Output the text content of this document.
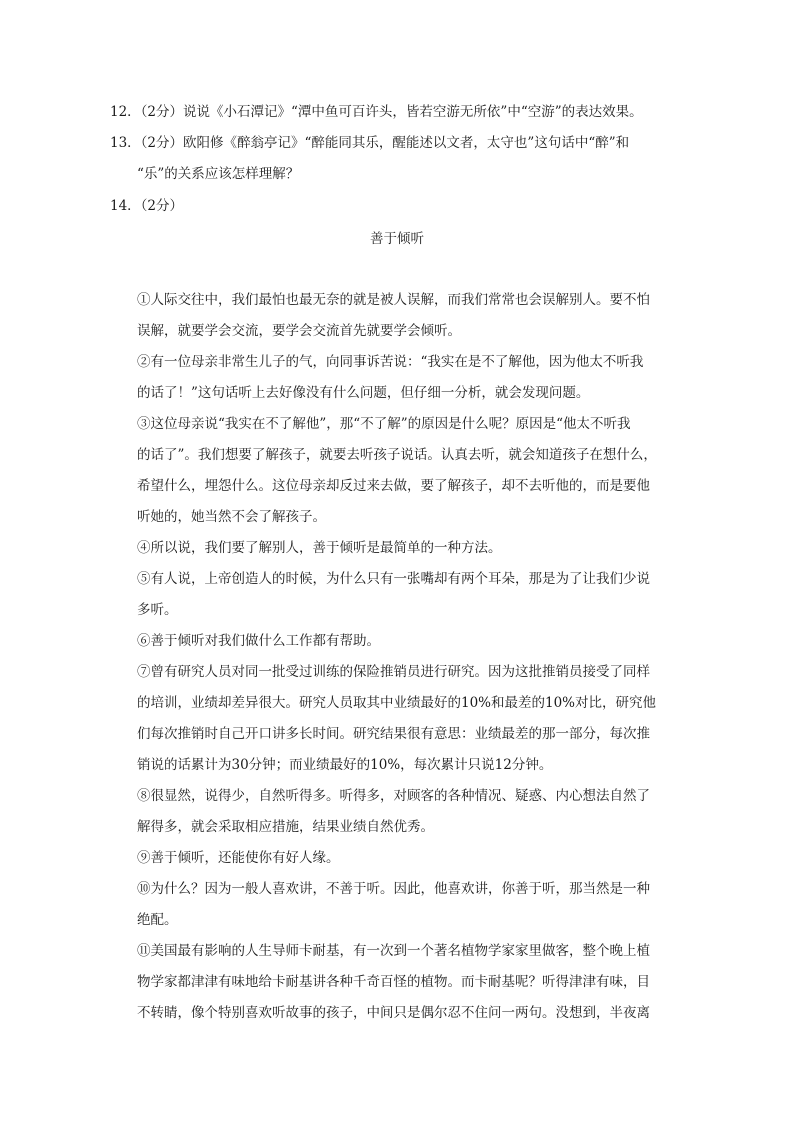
12．（2分）说说《小石潭记》“潭中鱼可百许头，皆若空游无所依”中“空游”的表达效果。
13．（2分）欧阳修《醉翁亭记》“醉能同其乐，醒能述以文者，太守也”这句话中“醉”和
“乐”的关系应该怎样理解？
14．（2分）
善于倾听
①人际交往中，我们最怕也最无奈的就是被人误解，而我们常常也会误解别人。要不怕
误解，就要学会交流，要学会交流首先就要学会倾听。
②有一位母亲非常生儿子的气，向同事诉苦说：“我实在是不了解他，因为他太不听我
的话了！”这句话听上去好像没有什么问题，但仔细一分析，就会发现问题。
③这位母亲说“我实在不了解他”，那“不了解”的原因是什么呢？原因是“他太不听我
的话了”。我们想要了解孩子，就要去听孩子说话。认真去听，就会知道孩子在想什么，
希望什么，埋怨什么。这位母亲却反过来去做，要了解孩子，却不去听他的，而是要他
听她的，她当然不会了解孩子。
④所以说，我们要了解别人，善于倾听是最简单的一种方法。
⑤有人说，上帝创造人的时候，为什么只有一张嘴却有两个耳朵，那是为了让我们少说
多听。
⑥善于倾听对我们做什么工作都有帮助。
⑦曾有研究人员对同一批受过训练的保险推销员进行研究。因为这批推销员接受了同样
的培训，业绩却差异很大。研究人员取其中业绩最好的10%和最差的10%对比，研究他
们每次推销时自己开口讲多长时间。研究结果很有意思：业绩最差的那一部分，每次推
销说的话累计为30分钟；而业绩最好的10%，每次累计只说12分钟。
⑧很显然，说得少，自然听得多。听得多，对顾客的各种情况、疑惑、内心想法自然了
解得多，就会采取相应措施，结果业绩自然优秀。
⑨善于倾听，还能使你有好人缘。
⑩为什么？因为一般人喜欢讲，不善于听。因此，他喜欢讲，你善于听，那当然是一种
绝配。
⑪美国最有影响的人生导师卡耐基，有一次到一个著名植物学家家里做客，整个晚上植
物学家都津津有味地给卡耐基讲各种千奇百怪的植物。而卡耐基呢？听得津津有味，目
不转睛，像个特别喜欢听故事的孩子，中间只是偶尔忍不住问一两句。没想到，半夜离
